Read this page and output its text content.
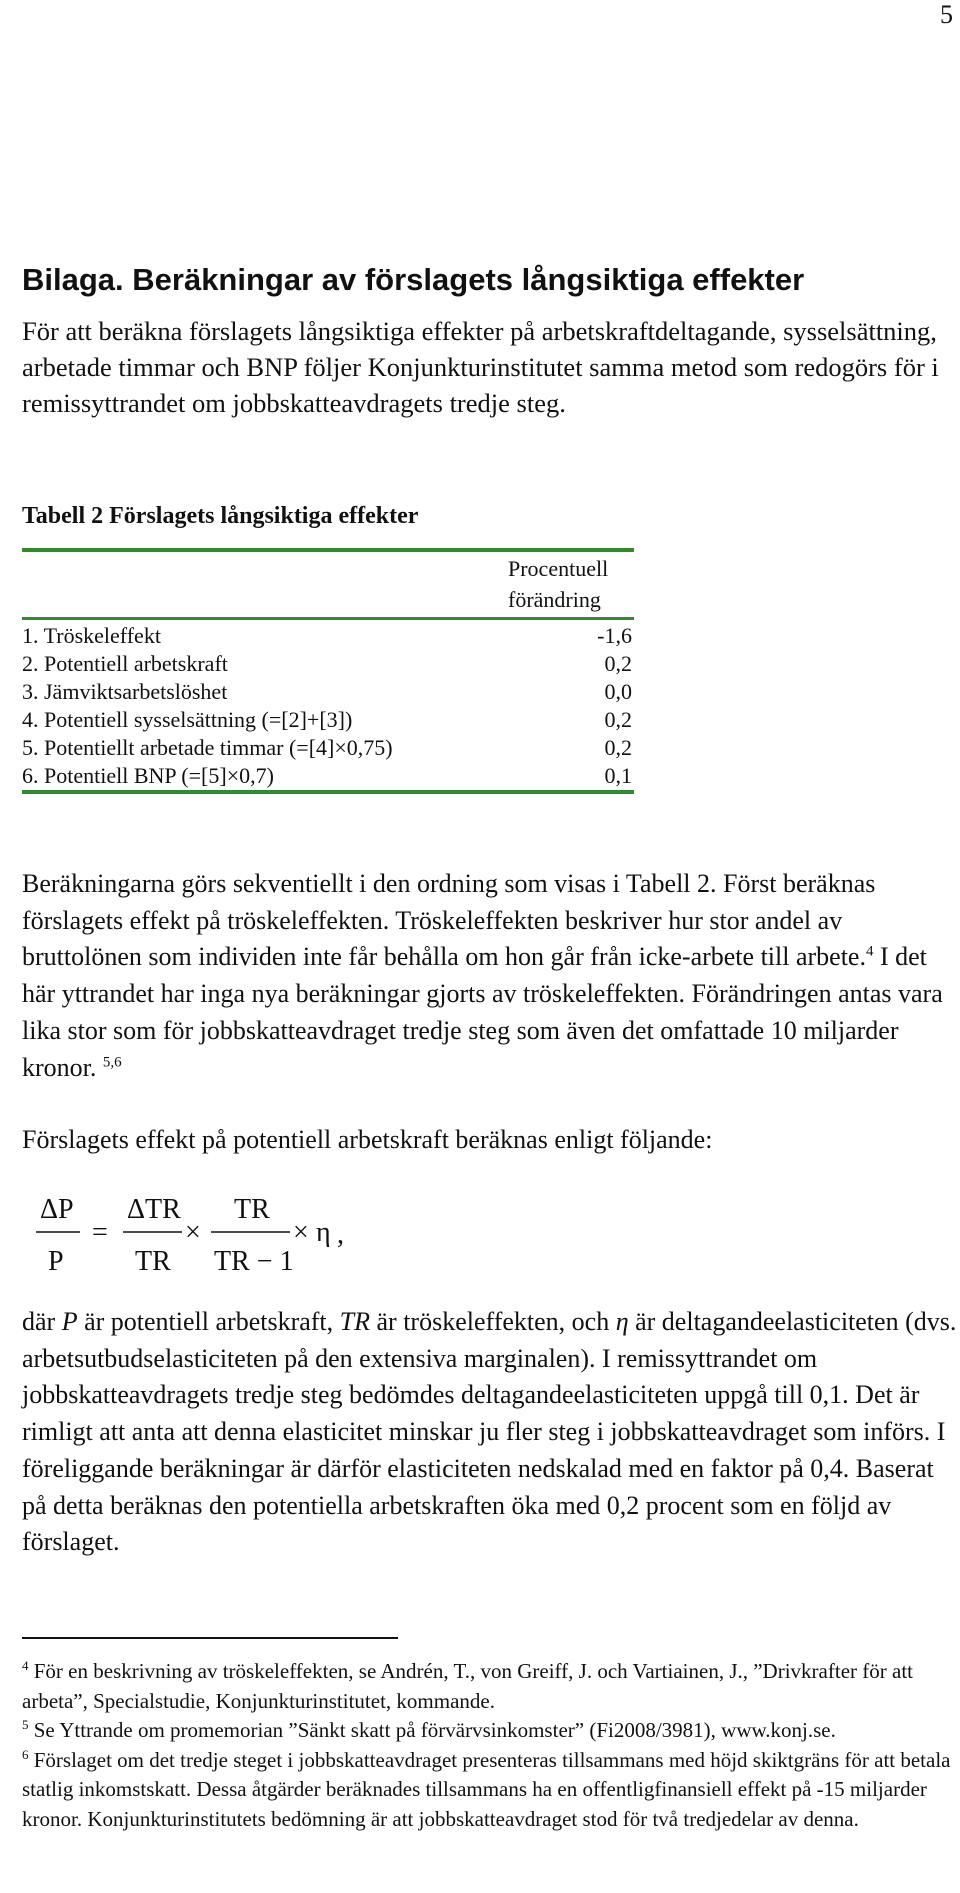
5
Bilaga. Beräkningar av förslagets långsiktiga effekter
För att beräkna förslagets långsiktiga effekter på arbetskraftdeltagande, sysselsättning, arbetade timmar och BNP följer Konjunkturinstitutet samma metod som redogörs för i remissyttrandet om jobbskatteavdragets tredje steg.
Tabell 2 Förslagets långsiktiga effekter
Procentuell
förändring
1. Tröskeleffekt	-1,6
2. Potentiell arbetskraft	0,2
3. Jämviktsarbetslöshet	0,0
4. Potentiell sysselsättning (=[2]+[3])	0,2
5. Potentiellt arbetade timmar (=[4]×0,75)	0,2
6. Potentiell BNP (=[5]×0,7)	0,1
Beräkningarna görs sekventiellt i den ordning som visas i Tabell 2. Först beräknas förslagets effekt på tröskeleffekten. Tröskeleffekten beskriver hur stor andel av bruttolönen som individen inte får behålla om hon går från icke-arbete till arbete.$^4$ I det här yttrandet har inga nya beräkningar gjorts av tröskeleffekten. Förändringen antas vara lika stor som för jobbskatteavdraget tredje steg som även det omfattade 10 miljarder kronor. $^{5,6}$
Förslagets effekt på potentiell arbetskraft beräknas enligt följande:
ΔP
P
=
ΔTR
TR
×
TR
TR − 1
× η ,
där P är potentiell arbetskraft, TR är tröskeleffekten, och η är deltagandeelasticiteten (dvs. arbetsutbudselasticiteten på den extensiva marginalen). I remissyttrandet om jobbskatteavdragets tredje steg bedömdes deltagandeelasticiteten uppgå till 0,1. Det är rimligt att anta att denna elasticitet minskar ju fler steg i jobbskatteavdraget som införs. I föreliggande beräkningar är därför elasticiteten nedskalad med en faktor på 0,4. Baserat på detta beräknas den potentiella arbetskraften öka med 0,2 procent som en följd av förslaget.
$^4$ För en beskrivning av tröskeleffekten, se Andrén, T., von Greiff, J. och Vartiainen, J., ”Drivkrafter för att arbeta”, Specialstudie, Konjunkturinstitutet, kommande.
$^5$ Se Yttrande om promemorian ”Sänkt skatt på förvärvsinkomster” (Fi2008/3981), www.konj.se.
$^6$ Förslaget om det tredje steget i jobbskatteavdraget presenteras tillsammans med höjd skiktgräns för att betala statlig inkomstskatt. Dessa åtgärder beräknades tillsammans ha en offentligfinansiell effekt på -15 miljarder kronor. Konjunkturinstitutets bedömning är att jobbskatteavdraget stod för två tredjedelar av denna.
